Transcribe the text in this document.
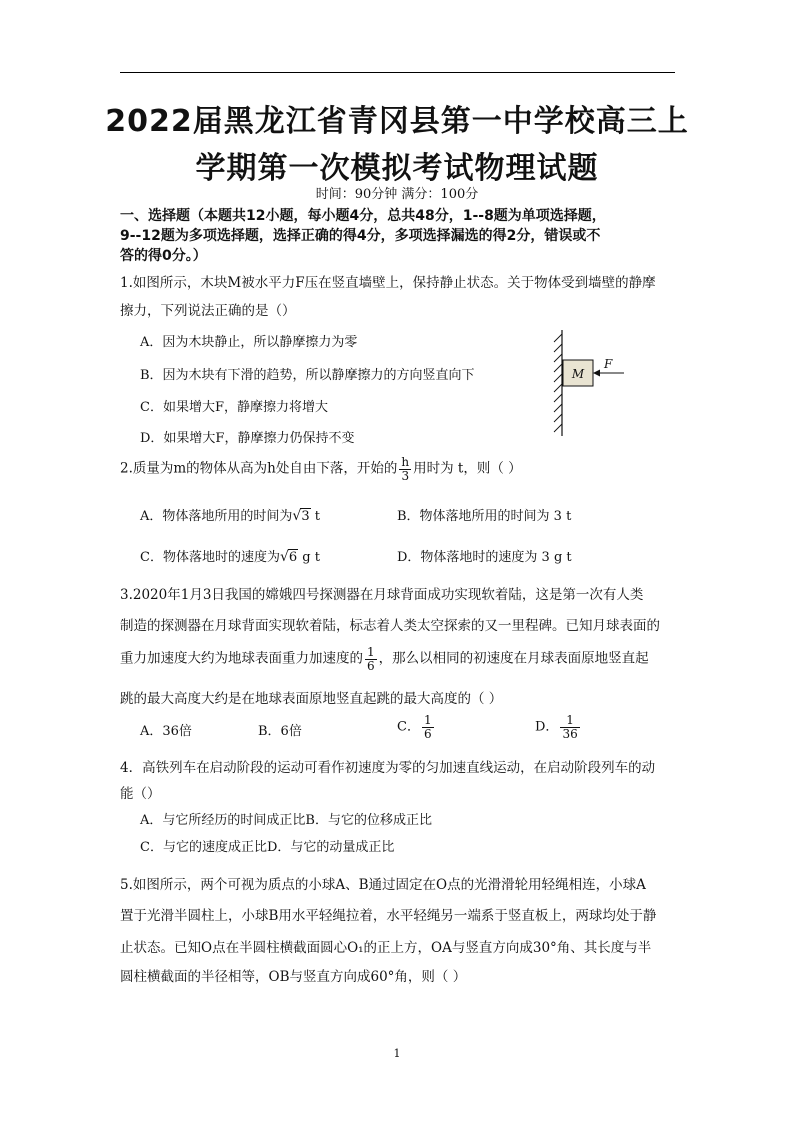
2022届黑龙江省青冈县第一中学校高三上
学期第一次模拟考试物理试题
时间：90分钟 满分：100分
一、选择题（本题共12小题，每小题4分，总共48分，1--8题为单项选择题，
9--12题为多项选择题，选择正确的得4分，多项选择漏选的得2分，错误或不
答的得0分。）
1.如图所示，木块M被水平力F压在竖直墙壁上，保持静止状态。关于物体受到墙壁的静摩
擦力，下列说法正确的是（）
A．因为木块静止，所以静摩擦力为零
B．因为木块有下滑的趋势，所以静摩擦力的方向竖直向下
C．如果增大F，静摩擦力将增大
D．如果增大F，静摩擦力仍保持不变
M
F
2.质量为m的物体从高为h处自由下落，开始的 $\frac{h}{3}$ 用时为 t，则（ ）
A．物体落地所用的时间为√3 t	B．物体落地所用的时间为 3 t
C．物体落地时的速度为√6 g t	D．物体落地时的速度为 3 g t
3.2020年1月3日我国的嫦娥四号探测器在月球背面成功实现软着陆，这是第一次有人类
制造的探测器在月球背面实现软着陆，标志着人类太空探索的又一里程碑。已知月球表面的
重力加速度大约为地球表面重力加速度的 $\frac{1}{6}$ ，那么以相同的初速度在月球表面原地竖直起
跳的最大高度大约是在地球表面原地竖直起跳的最大高度的（ ）
A．36倍	B．6倍	C． $\frac{1}{6}$	D． $\frac{1}{36}$
4．高铁列车在启动阶段的运动可看作初速度为零的匀加速直线运动，在启动阶段列车的动
能（）
A．与它所经历的时间成正比B．与它的位移成正比
C．与它的速度成正比D．与它的动量成正比
5.如图所示，两个可视为质点的小球A、B通过固定在O点的光滑滑轮用轻绳相连，小球A
置于光滑半圆柱上，小球B用水平轻绳拉着，水平轻绳另一端系于竖直板上，两球均处于静
止状态。已知O点在半圆柱横截面圆心O₁的正上方，OA与竖直方向成30°角、其长度与半
圆柱横截面的半径相等，OB与竖直方向成60°角，则（ ）
1
